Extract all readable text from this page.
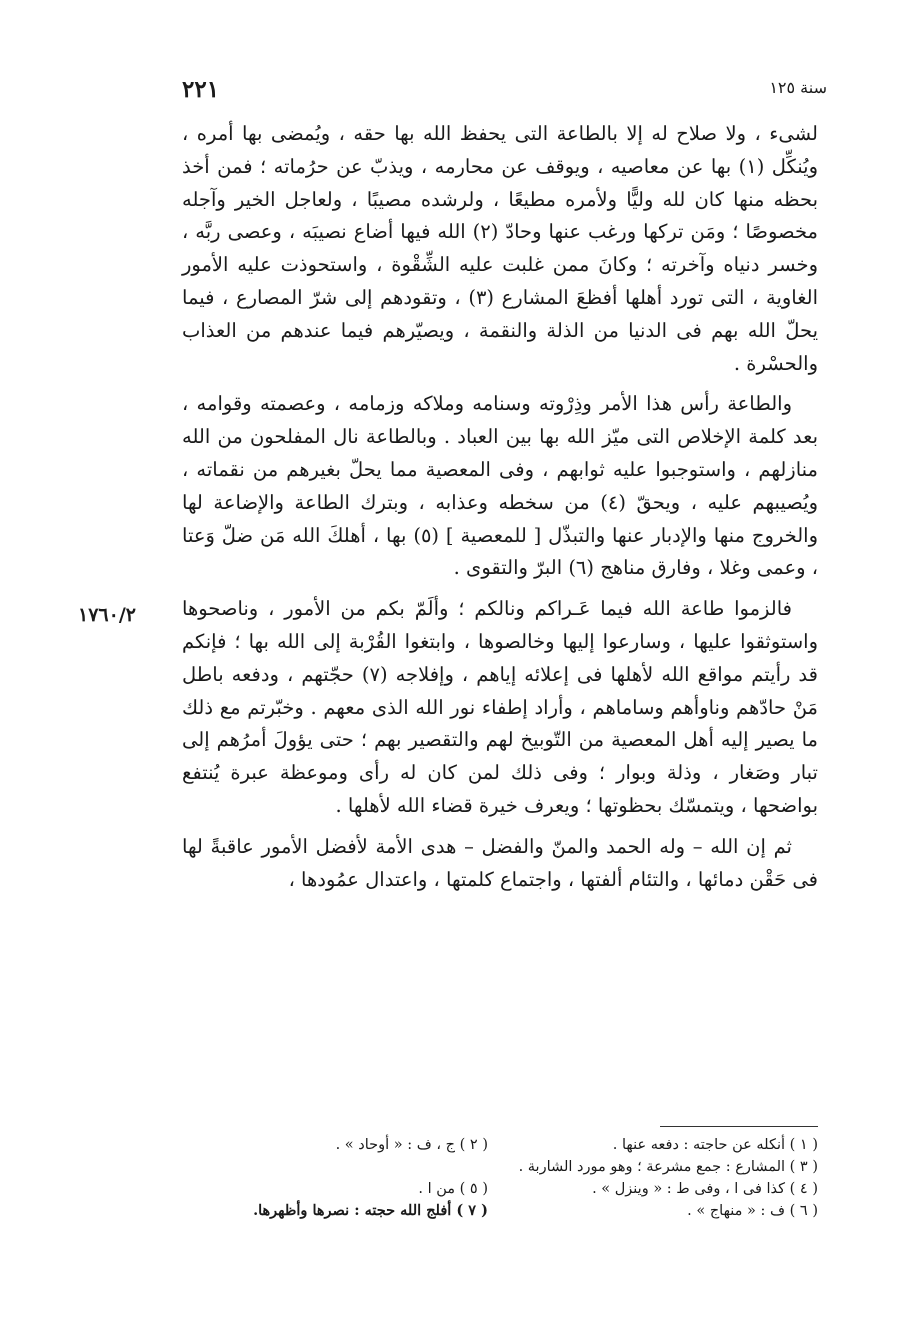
٢٢١	سنة ١٢٥
١٧٦٠/٢

لشىء ، ولا صلاح له إلا بالطاعة التى يحفظ الله بها حقه ، ويُمضى بها أمره ، ويُنكِّل (١) بها عن معاصيه ، ويوقف عن محارمه ، ويذبّ عن حرُماته ؛ فمن أخذ بحظه منها كان لله وليًّا ولأمره مطيعًا ، ولرشده مصيبًا ، ولعاجل الخير وآجله مخصوصًا ؛ ومَن تركها ورغب عنها وحادّ (٢) الله فيها أضاع نصيبَه ، وعصى ربَّه ، وخسر دنياه وآخرته ؛ وكانَ ممن غلبت عليه الشِّقْوة ، واستحوذت عليه الأمور الغاوية ، التى تورد أهلها أفظعَ المشارع (٣) ، وتقودهم إلى شرّ المصارع ، فيما يحلّ الله بهم فى الدنيا من الذلة والنقمة ، ويصيّرهم فيما عندهم من العذاب والحسْرة .

والطاعة رأس هذا الأمر وذِرْوته وسنامه وملاكه وزمامه ، وعصمته وقوامه ، بعد كلمة الإخلاص التى ميّز الله بها بين العباد . وبالطاعة نال المفلحون من الله منازلهم ، واستوجبوا عليه ثوابهم ، وفى المعصية مما يحلّ بغيرهم من نقماته ، ويُصيبهم عليه ، ويحقّ (٤) من سخطه وعذابه ، وبترك الطاعة والإضاعة لها والخروج منها والإدبار عنها والتبذّل [ للمعصية ] (٥) بها ، أهلكَ الله مَن ضلّ وَعتا ، وعمى وغلا ، وفارق مناهج (٦) البرّ والتقوى .

فالزموا طاعة الله فيما عَـراكم ونالكم ؛ وألَمّ بكم من الأمور ، وناصحوها واستوثقوا عليها ، وسارعوا إليها وخالصوها ، وابتغوا القُرْبة إلى الله بها ؛ فإنكم قد رأيتم مواقع الله لأهلها فى إعلائه إياهم ، وإفلاجه (٧) حجّتهم ، ودفعه باطل مَنْ حادّهم وناوأهم وساماهم ، وأراد إطفاء نور الله الذى معهم . وخبّرتم مع ذلك ما يصير إليه أهل المعصية من التّوبيخ لهم والتقصير بهم ؛ حتى يؤولَ أمرُهم إلى تبار وصَغار ، وذلة وبوار ؛ وفى ذلك لمن كان له رأى وموعظة عبرة يُنتفع بواضحها ، ويتمسّك بحظوتها ؛ ويعرف خيرة قضاء الله لأهلها .

ثم إن الله – وله الحمد والمنّ والفضل – هدى الأمة لأفضل الأمور عاقبةً لها فى حَقْن دمائها ، والتئام ألفتها ، واجتماع كلمتها ، واعتدال عمُودها ،

( ١ ) أنكله عن حاجته : دفعه عنها .
( ٢ ) ج ، ف : « أوحاد » .
( ٣ ) المشارع : جمع مشرعة ؛ وهو مورد الشاربة .
( ٤ ) كذا فى ا ، وفى ط : « وينزل » .
( ٥ ) من ا .
( ٦ ) ف : « منهاج » .
( ٧ ) أفلج الله حجته : نصرها وأظهرها.
